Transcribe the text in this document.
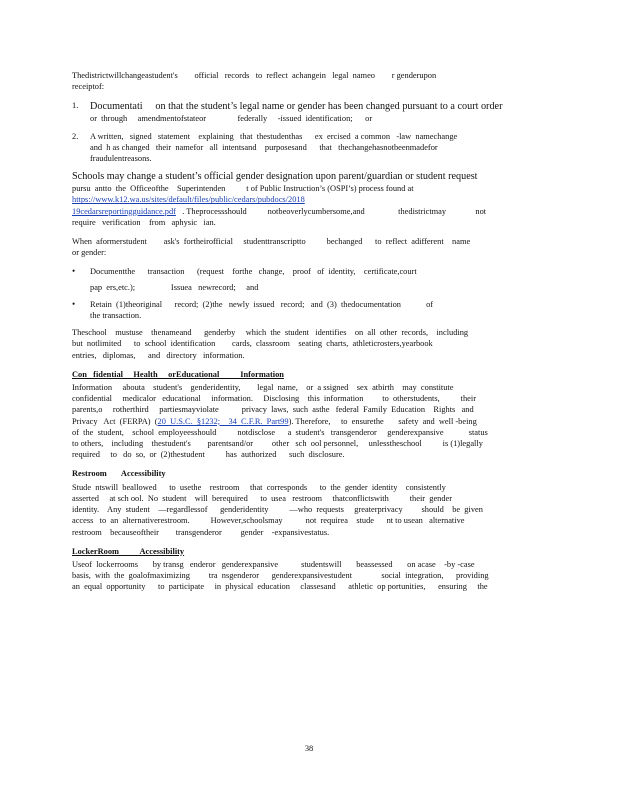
Thedistrictwillchangeastudent's        official   records   to  reflect  achangein   legal  nameo        r genderupon

receiptof:

1.	Documentati     on that the student’s legal name or gender has been changed pursuant to a court order

or  through     amendmentofstateor               federally     -issued  identification;      or

2.	A written,   signed   statement    explaining   that  thestudenthas      ex  ercised  a common   -law  namechange

and  h as changed   their  namefor   all  intentsand    purposesand      that   thechangehasnotbeenmadefor

fraudulentreasons.

Schools may change a student’s official gender designation upon parent/guardian or student request

pursu  antto  the  Officeofthe    Superintenden          t of Public Instruction’s (OSPI’s) process found at

https://www.k12.wa.us/sites/default/files/public/cedars/pubdocs/2018

19cedarsreportingguidance.pdf   . Theprocessshould          notbeoverlycumbersome,and                thedistrictmay              not

require   verification    from   aphysic   ian.

When  aformerstudent        ask's  fortheirofficial     studenttranscriptto          bechanged      to  reflect  adifferent    name

or gender:

•	Documentthe      transaction      (request    forthe   change,    proof   of  identity,    certificate,court

pap  ers,etc.);    ￿          Issuea   newrecord;     and

•	Retain  (1)theoriginal      record;  (2)the   newly  issued   record;   and  (3)  thedocumentation            of

the transaction.

Theschool    mustuse    thenameand      genderby     which  the  student   identifies    on  all  other  records,    including

but  notlimited      to  school  identification        cards,  classroom    seating  charts,  athleticrosters,yearbook

entries,   diplomas,      and   directory   information.

Con   fidential     Health     orEducational          Information

Information     abouta    student's    genderidentity,        legal  name,    or  a ssigned    sex  atbirth    may  constitute

confidential     medicalor   educational     information.     Disclosing    this  information         to  otherstudents,          their

parents,o     rotherthird     partiesmayviolate           privacy  laws,  such  asthe   federal  Family  Education    Rights   and

Privacy   Act  (FERPA)  (20  U.S.C.  §1232;    34  C.F.R.  Part99). Therefore,     to  ensurethe       safety  and  well -being

of  the  student,    school  employeesshould          notdisclose      a  student's   transgenderor     genderexpansive            status

to others,    including    thestudent's        parentsand/or         other   sch  ool personnel,     unlesstheschool          is (1)legally

required     to   do  so,  or  (2)thestudent          has  authorized      such  disclosure.

Restroom       Accessibility

Stude  ntswill  beallowed      to  usethe    restroom     that  corresponds      to  the  gender  identity    consistently

asserted     at sch ool.  No  student    will  berequired      to  usea   restroom     thatconflictswith          their  gender

identity.    Any  student    —regardlessof      genderidentity          —who  requests     greaterprivacy         should    be  given

access   to  an  alternativerestroom.          However,schoolsmay           not  requirea    stude      nt to usean   alternative

restroom    becauseoftheir        transgenderor         gender    -expansivestatus.

LockerRoom          Accessibility

Useof  lockerrooms       by transg   enderor   genderexpansive           studentswill       beassessed       on acase    -by -case

basis,  with  the  goalofmaximizing         tra  nsgenderor      genderexpansivestudent              social  integration,      providing

an  equal  opportunity      to  participate     in  physical  education     classesand      athletic  op portunities,      ensuring     the

38
